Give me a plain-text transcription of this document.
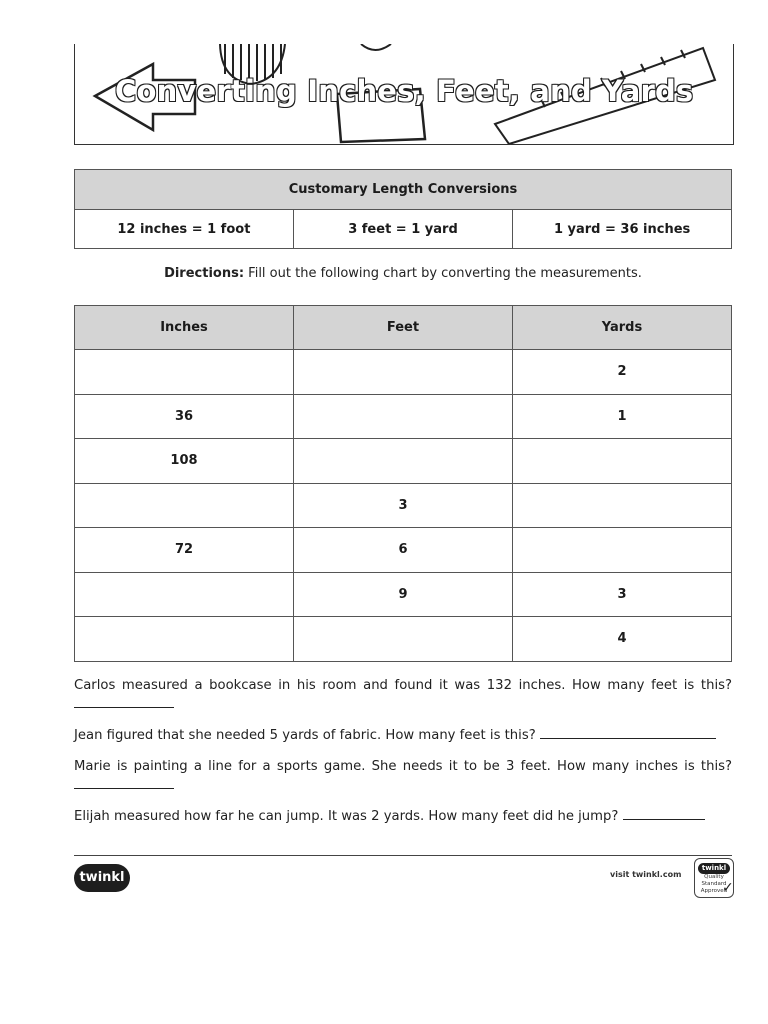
Converting Inches, Feet, and Yards
Customary Length Conversions
12 inches = 1 foot	3 feet = 1 yard	1 yard = 36 inches
Directions: Fill out the following chart by converting the measurements.
Inches	Feet	Yards
		2
36		1
108		
	3	
72	6	
	9	3
		4

Carlos measured a bookcase in his room and found it was 132 inches. How many feet is this?

Jean figured that she needed 5 yards of fabric. How many feet is this?

Marie is painting a line for a sports game. She needs it to be 3 feet. How many inches is this?

Elijah measured how far he can jump. It was 2 yards. How many feet did he jump?

twinkl	visit twinkl.com
twinkl
Quality Standard Approved
✓
